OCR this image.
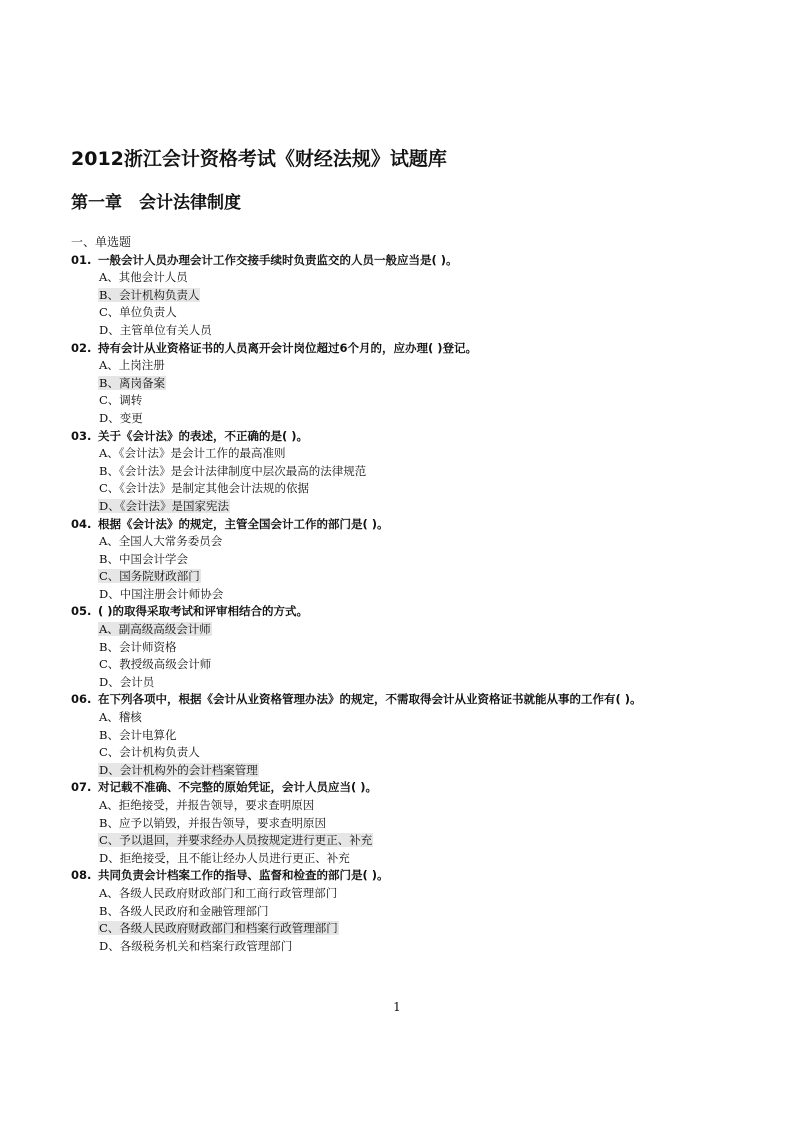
2012浙江会计资格考试《财经法规》试题库
第一章　会计法律制度
一、单选题
01. 一般会计人员办理会计工作交接手续时负责监交的人员一般应当是( )。
A、其他会计人员
B、会计机构负责人
C、单位负责人
D、主管单位有关人员
02. 持有会计从业资格证书的人员离开会计岗位超过6个月的，应办理( )登记。
A、上岗注册
B、离岗备案
C、调转
D、变更
03. 关于《会计法》的表述，不正确的是( )。
A、《会计法》是会计工作的最高准则
B、《会计法》是会计法律制度中层次最高的法律规范
C、《会计法》是制定其他会计法规的依据
D、《会计法》是国家宪法
04. 根据《会计法》的规定，主管全国会计工作的部门是( )。
A、全国人大常务委员会
B、中国会计学会
C、国务院财政部门
D、中国注册会计师协会
05. ( )的取得采取考试和评审相结合的方式。
A、副高级高级会计师
B、会计师资格
C、教授级高级会计师
D、会计员
06. 在下列各项中，根据《会计从业资格管理办法》的规定，不需取得会计从业资格证书就能从事的工作有( )。
A、稽核
B、会计电算化
C、会计机构负责人
D、会计机构外的会计档案管理
07. 对记载不准确、不完整的原始凭证，会计人员应当( )。
A、拒绝接受，并报告领导，要求查明原因
B、应予以销毁，并报告领导，要求查明原因
C、予以退回，并要求经办人员按规定进行更正、补充
D、拒绝接受，且不能让经办人员进行更正、补充
08. 共同负责会计档案工作的指导、监督和检查的部门是( )。
A、各级人民政府财政部门和工商行政管理部门
B、各级人民政府和金融管理部门
C、各级人民政府财政部门和档案行政管理部门
D、各级税务机关和档案行政管理部门
1
